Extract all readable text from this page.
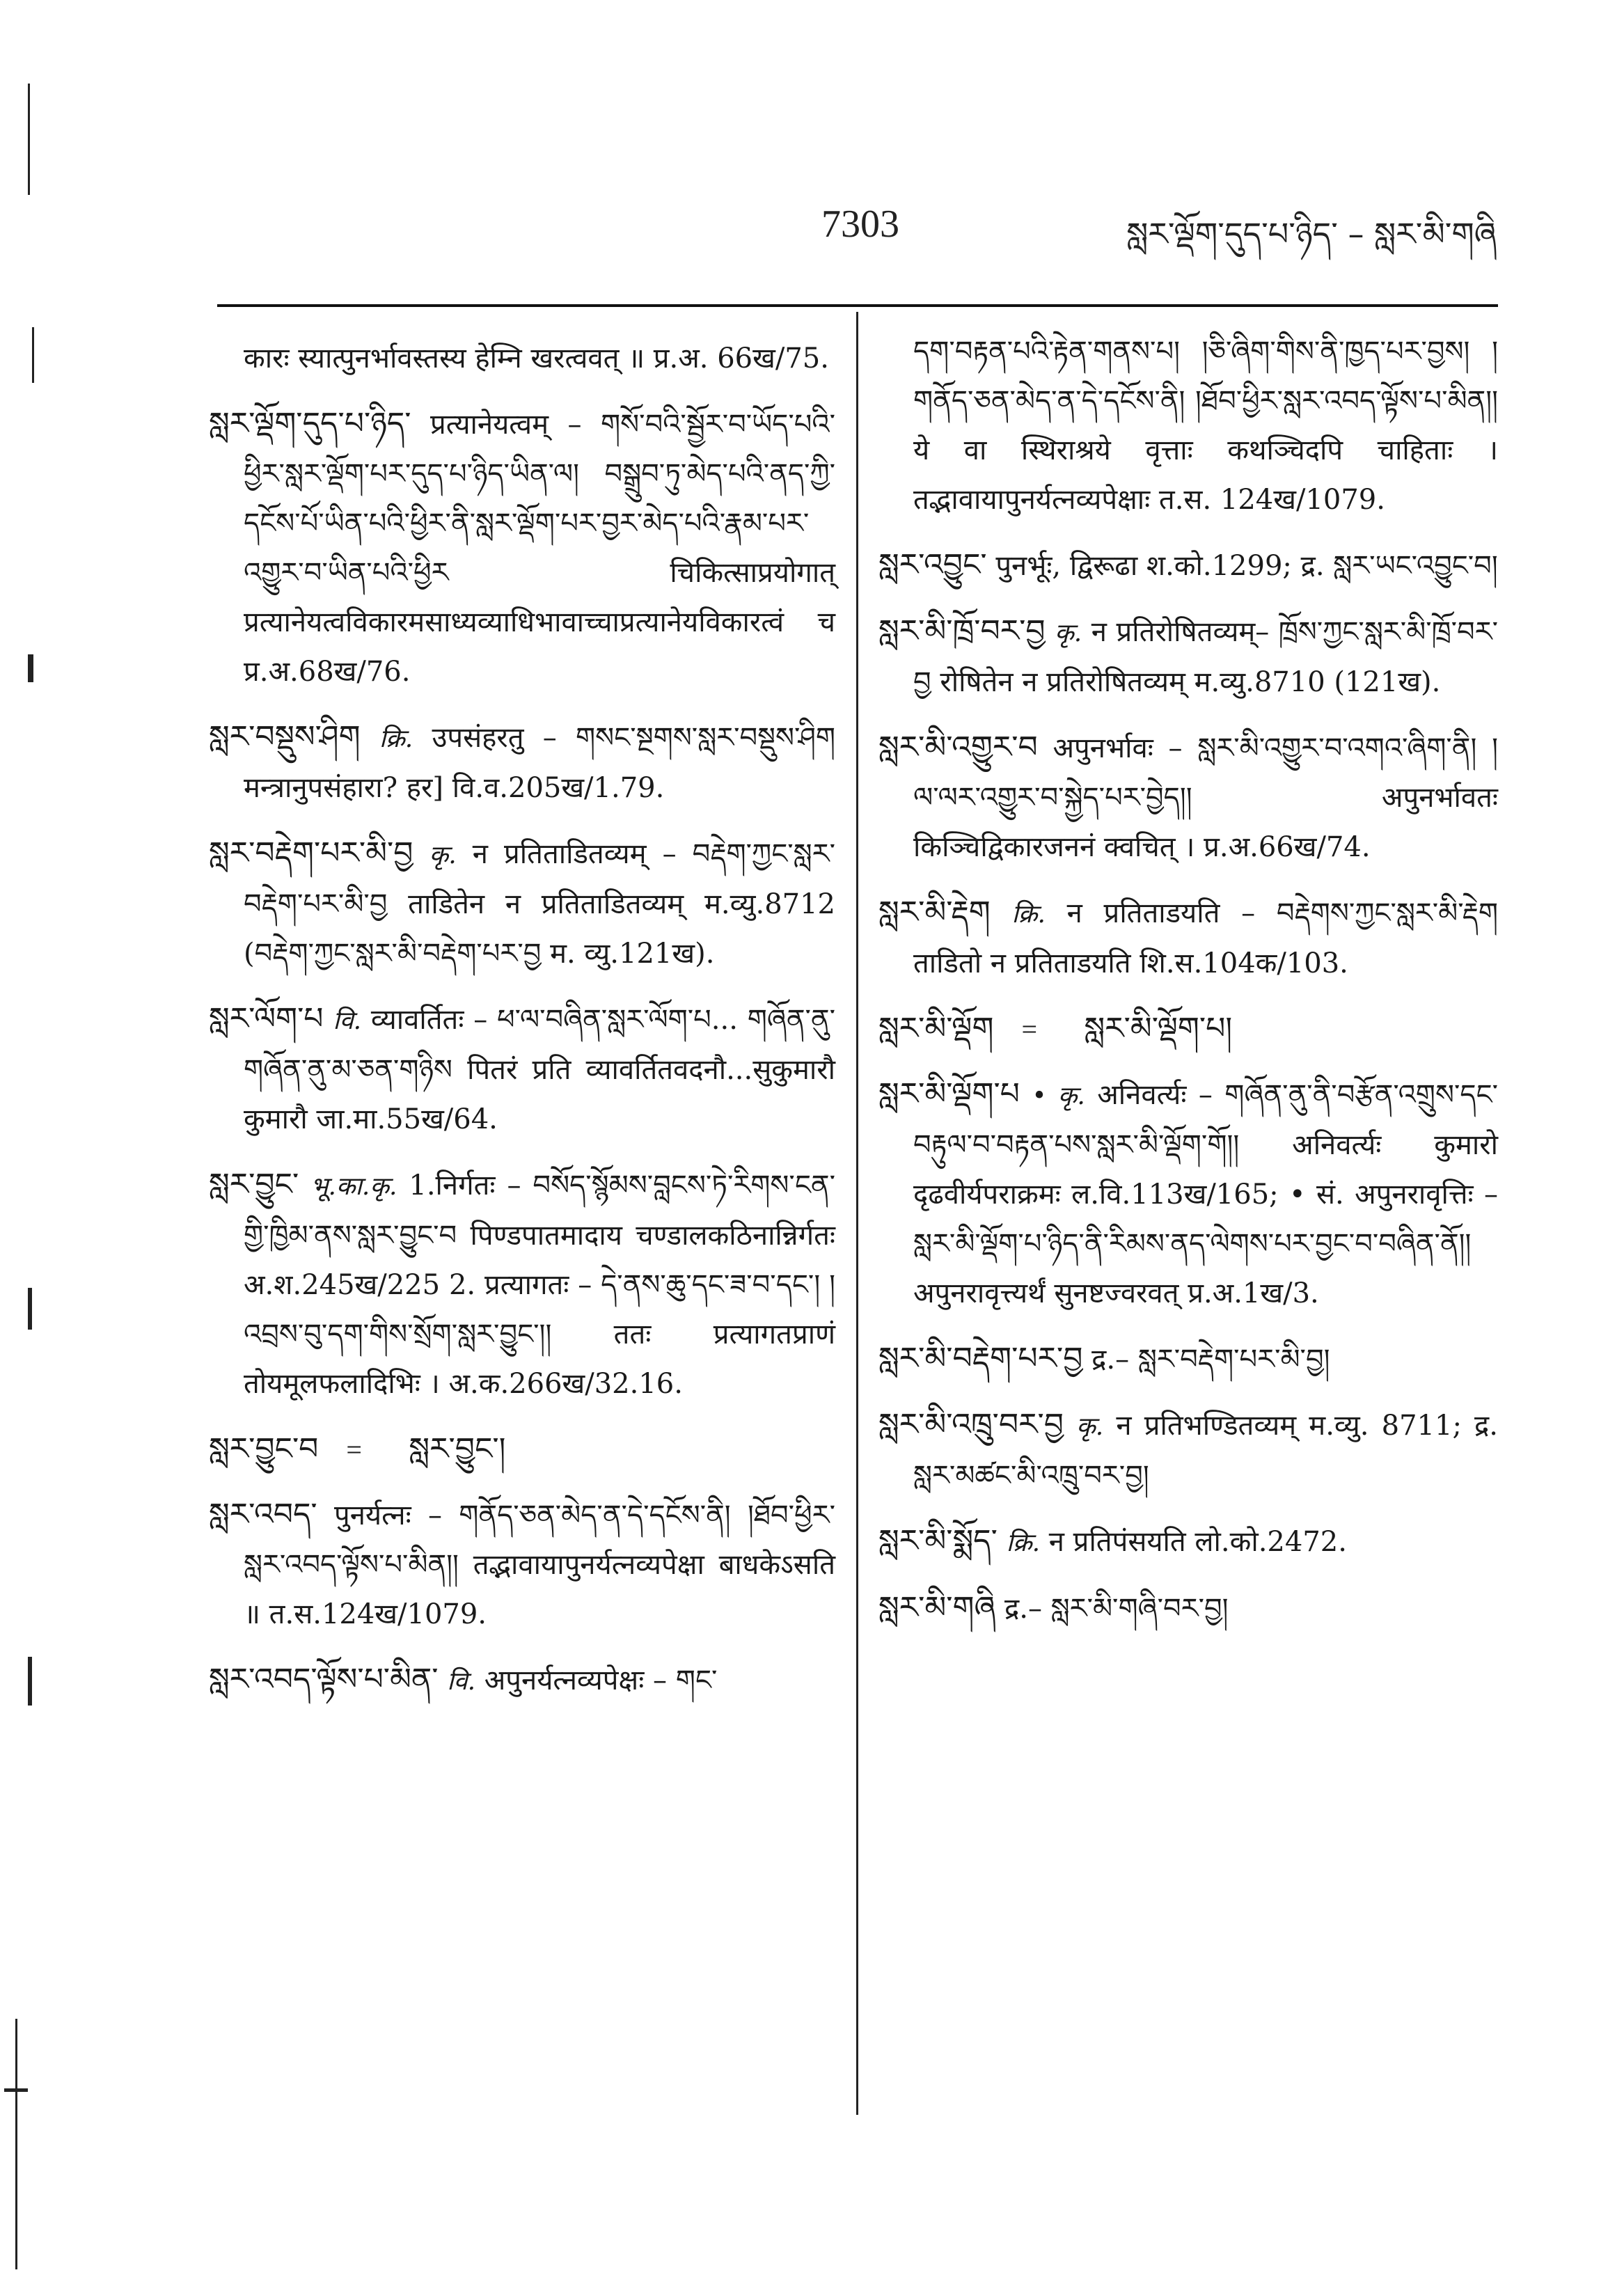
7303	སླར་ལྡོག་དུད་པ་ཉིད་ – སླར་མི་གཞི
कारः स्यात्पुनर्भावस्तस्य हेम्नि खरत्ववत् ॥ प्र.अ. 66ख/75.
སླར་ལྡོག་དུད་པ་ཉིད་ प्रत्यानेयत्वम् – གསོ་བའི་སྦྱོར་བ་ཡོད་པའི་ཕྱིར་སླར་ལྡོག་པར་དུད་པ་ཉིད་ཡིན་ལ། བསྒྲུབ་ཏུ་མེད་པའི་ནད་ཀྱི་དངོས་པོ་ཡིན་པའི་ཕྱིར་ནི་སླར་ལྡོག་པར་བྱར་མེད་པའི་རྣམ་པར་འགྱུར་བ་ཡིན་པའི་ཕྱིར चिकित्साप्रयोगात् प्रत्यानेयत्वविकारमसाध्यव्याधिभावाच्चाप्रत्यानेयविकारत्वं च प्र.अ.68ख/76.
སླར་བསྡུས་ཤིག क्रि. उपसंहरतु – གསང་སྔགས་སླར་བསྡུས་ཤིག मन्त्रानुपसंहारा? हर] वि.व.205ख/1.79.
སླར་བརྡེག་པར་མི་བྱ कृ. न प्रतिताडितव्यम् – བརྡེག་ཀྱང་སླར་བརྡེག་པར་མི་བྱ ताडितेन न प्रतिताडितव्यम् म.व्यु.8712 (བརྡེག་ཀྱང་སླར་མི་བརྡེག་པར་བྱ म. व्यु.121ख).
སླར་ལོག་པ वि. व्यावर्तितः – ཕ་ལ་བཞིན་སླར་ལོག་པ... གཞོན་ནུ་གཞོན་ནུ་མ་ཅན་གཉིས पितरं प्रति व्यावर्तितवदनौ...सुकुमारौ कुमारौ जा.मा.55ख/64.
སླར་བྱུང་ भू.का.कृ. 1.निर्गतः – བསོད་སྙོམས་བླངས་ཏེ་རིགས་ངན་གྱི་ཁྱིམ་ནས་སླར་བྱུང་བ पिण्डपातमादाय चण्डालकठिनान्निर्गतः अ.श.245ख/225 2. प्रत्यागतः – དེ་ནས་ཆུ་དང་ཟ་བ་དང་། །འབྲས་བུ་དག་གིས་སྲོག་སླར་བྱུང་།། ततः प्रत्यागतप्राणं तोयमूलफलादिभिः । अ.क.266ख/32.16.
སླར་བྱུང་བ =	སླར་བྱུང་།
སླར་འབད་ पुनर्यत्नः – གནོད་ཅན་མེད་ན་དེ་དངོས་ནི། །ཐོབ་ཕྱིར་སླར་འབད་ལྟོས་པ་མིན།། तद्भावायापुनर्यत्नव्यपेक्षा बाधकेऽसति ॥ त.स.124ख/1079.
སླར་འབད་ལྟོས་པ་མིན་ वि. अपुनर्यत्नव्यपेक्षः – གང་
དག་བརྟན་པའི་རྟེན་གནས་པ། །ཅི་ཞིག་གིས་ནི་ཁྱད་པར་བྱས། །གནོད་ཅན་མེད་ན་དེ་དངོས་ནི། །ཐོབ་ཕྱིར་སླར་འབད་ལྟོས་པ་མིན།། ये वा स्थिराश्रये वृत्ताः कथञ्चिदपि चाहिताः । तद्भावायापुनर्यत्नव्यपेक्षाः त.स. 124ख/1079.
སླར་འབྱུང་ पुनर्भूः, द्विरूढा श.को.1299; द्र. སླར་ཡང་འབྱུང་བ།
སླར་མི་ཁྲོ་བར་བྱ कृ. न प्रतिरोषितव्यम्– ཁྲོས་ཀྱང་སླར་མི་ཁྲོ་བར་བྱ रोषितेन न प्रतिरोषितव्यम् म.व्यु.8710 (121ख).
སླར་མི་འགྱུར་བ अपुनर्भावः – སླར་མི་འགྱུར་བ་འགའ་ཞིག་ནི། །ལ་ལར་འགྱུར་བ་སྐྱེད་པར་བྱེད།། अपुनर्भावतः किञ्चिद्विकारजननं क्वचित् । प्र.अ.66ख/74.
སླར་མི་རྡེག क्रि. न प्रतिताडयति – བརྡེགས་ཀྱང་སླར་མི་རྡེག ताडितो न प्रतिताडयति शि.स.104क/103.
སླར་མི་ལྡོག =	སླར་མི་ལྡོག་པ།
སླར་མི་ལྡོག་པ • कृ. अनिवर्त्यः – གཞོན་ནུ་ནི་བརྩོན་འགྲུས་དང་བརྟུལ་བ་བརྟན་པས་སླར་མི་ལྡོག་གོ།། अनिवर्त्यः कुमारो दृढवीर्यपराक्रमः ल.वि.113ख/165; • सं. अपुनरावृत्तिः – སླར་མི་ལྡོག་པ་ཉིད་ནི་རིམས་ནད་ལེགས་པར་བྱང་བ་བཞིན་ནོ།། अपुनरावृत्त्यर्थं सुनष्टज्वरवत् प्र.अ.1ख/3.
སླར་མི་བརྡེག་པར་བྱ द्र.– སླར་བརྡེག་པར་མི་བྱ།
སླར་མི་འཁྲུ་བར་བྱ कृ. न प्रतिभण्डितव्यम् म.व्यु. 8711; द्र. སླར་མཚང་མི་འཁྲུ་བར་བྱ།
སླར་མི་སྨོད་ क्रि. न प्रतिपंसयति लो.को.2472.
སླར་མི་གཞི द्र.– སླར་མི་གཞི་བར་བྱ།
